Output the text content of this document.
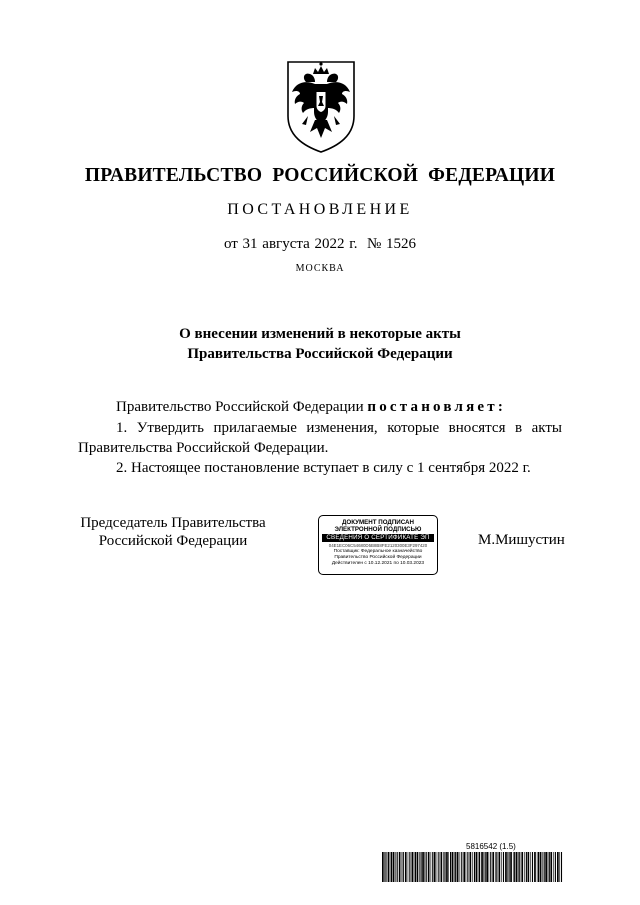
ПРАВИТЕЛЬСТВО РОССИЙСКОЙ ФЕДЕРАЦИИ
ПОСТАНОВЛЕНИЕ
от 31 августа 2022 г.  № 1526
МОСКВА
О внесении изменений в некоторые акты
Правительства Российской Федерации
Правительство Российской Федерации постановляет:
1. Утвердить прилагаемые изменения, которые вносятся в акты Правительства Российской Федерации.
2. Настоящее постановление вступает в силу с 1 сентября 2022 г.
Председатель Правительства
Российской Федерации
ДОКУМЕНТ ПОДПИСАН
ЭЛЕКТРОННОЙ ПОДПИСЬЮ
СВЕДЕНИЯ О СЕРТИФИКАТЕ ЭП
04E1EC06C54680D5B8B8FE2120300E3F297420
Поставщик: Федеральное казначейство
Правительство Российской Федерации
Действителен с 10.12.2021 по 10.03.2023
М.Мишустин
5816542 (1.5)
